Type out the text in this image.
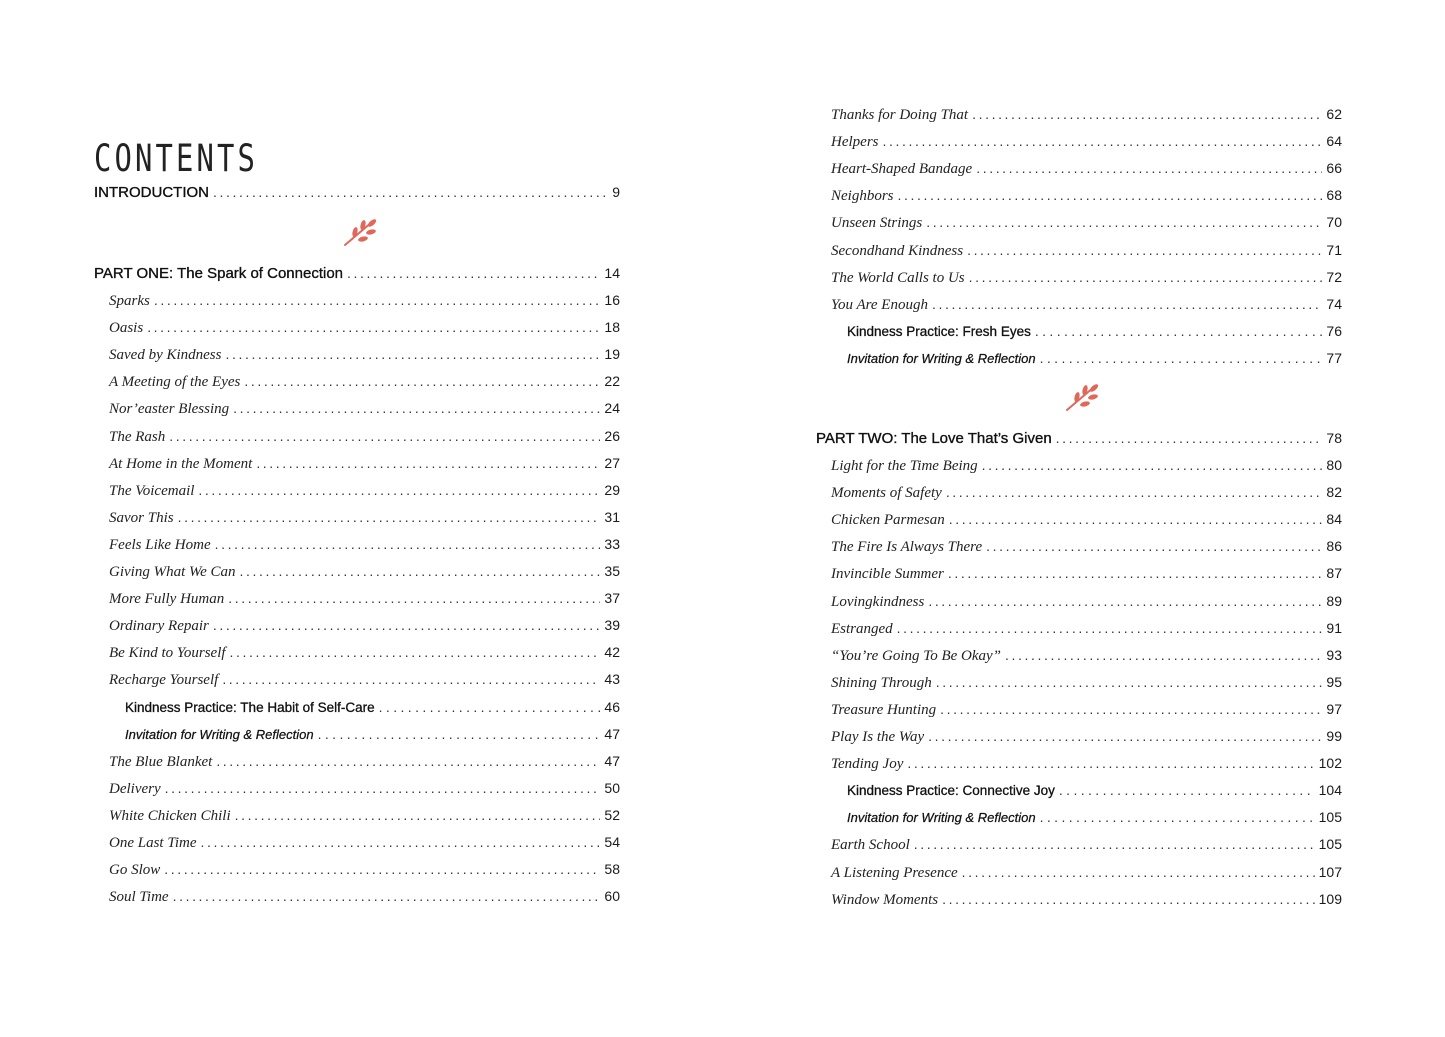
CONTENTS
INTRODUCTION .....	9
PART ONE: The Spark of Connection .....	14
Sparks .....	16
Oasis .....	18
Saved by Kindness .....	19
A Meeting of the Eyes .....	22
Nor’easter Blessing .....	24
The Rash .....	26
At Home in the Moment .....	27
The Voicemail .....	29
Savor This .....	31
Feels Like Home .....	33
Giving What We Can .....	35
More Fully Human .....	37
Ordinary Repair .....	39
Be Kind to Yourself .....	42
Recharge Yourself .....	43
Kindness Practice: The Habit of Self-Care .....	46
Invitation for Writing & Reflection .....	47
The Blue Blanket .....	47
Delivery .....	50
White Chicken Chili .....	52
One Last Time .....	54
Go Slow .....	58
Soul Time .....	60
Thanks for Doing That .....	62
Helpers .....	64
Heart-Shaped Bandage .....	66
Neighbors .....	68
Unseen Strings .....	70
Secondhand Kindness .....	71
The World Calls to Us .....	72
You Are Enough .....	74
Kindness Practice: Fresh Eyes .....	76
Invitation for Writing & Reflection .....	77
PART TWO: The Love That’s Given .....	78
Light for the Time Being .....	80
Moments of Safety .....	82
Chicken Parmesan .....	84
The Fire Is Always There .....	86
Invincible Summer .....	87
Lovingkindness .....	89
Estranged .....	91
“You’re Going To Be Okay” .....	93
Shining Through .....	95
Treasure Hunting .....	97
Play Is the Way .....	99
Tending Joy .....	102
Kindness Practice: Connective Joy .....	104
Invitation for Writing & Reflection .....	105
Earth School .....	105
A Listening Presence .....	107
Window Moments .....	109
